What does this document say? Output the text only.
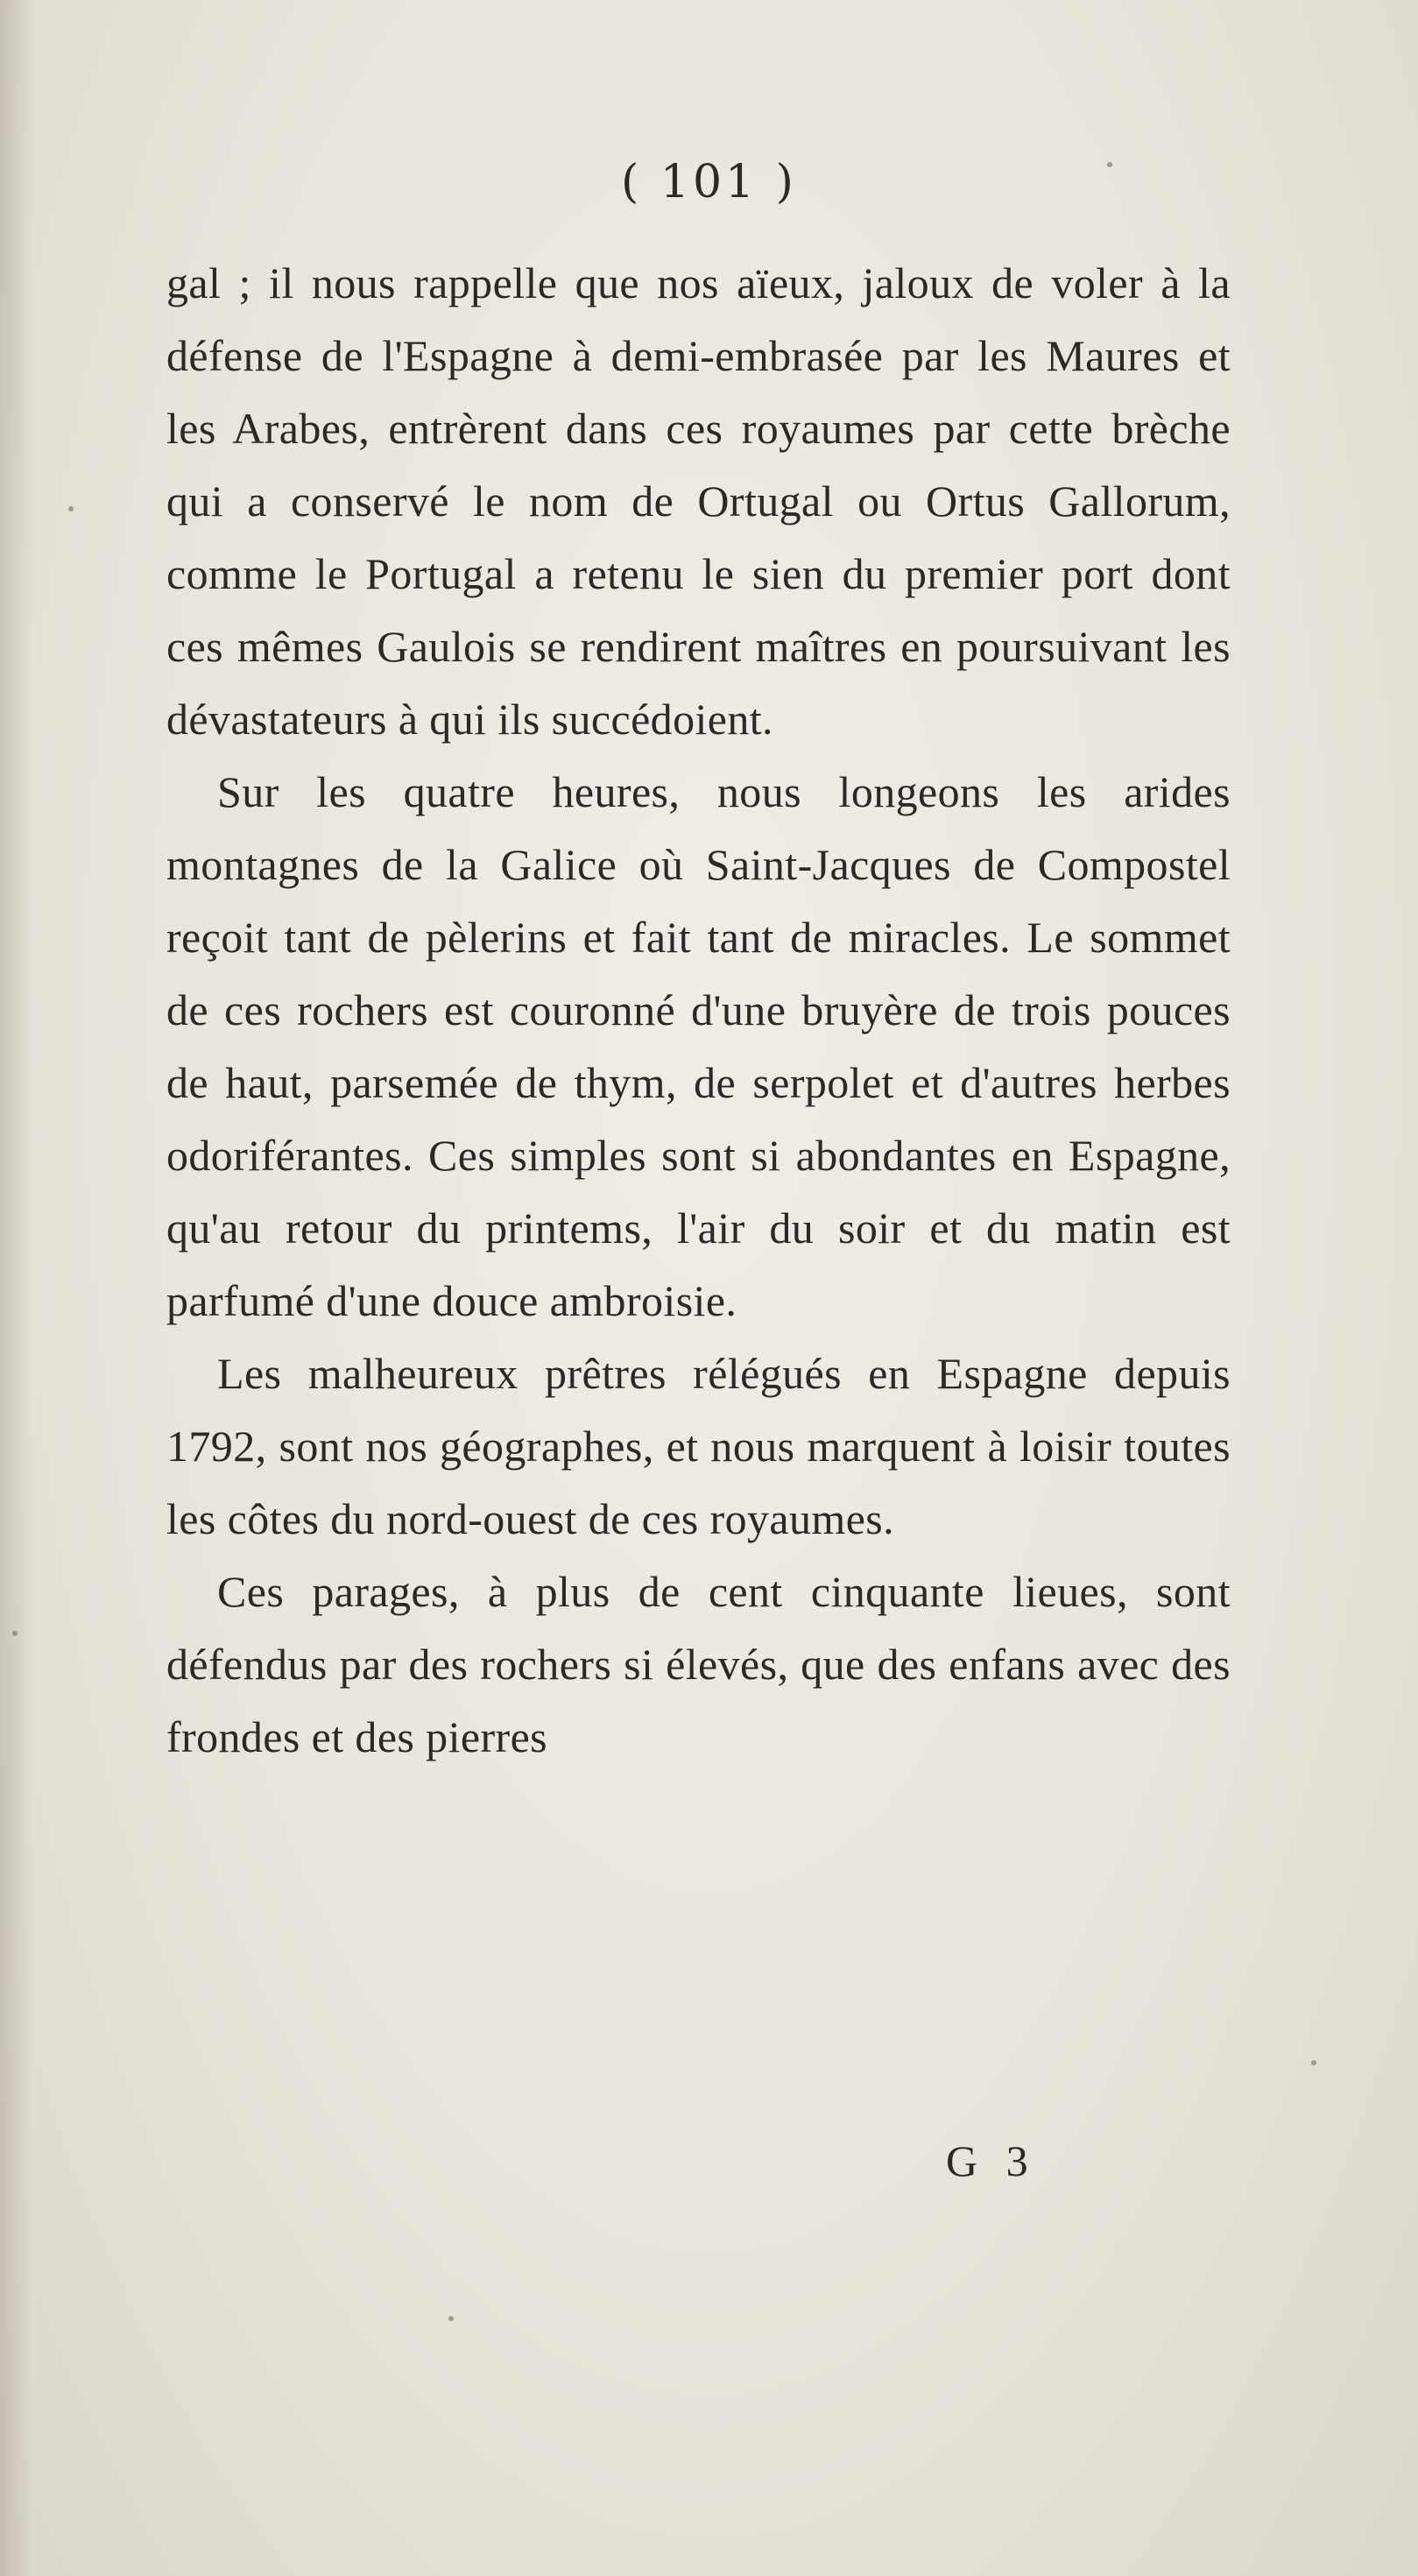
( 101 )

gal ; il nous rappelle que nos aïeux, jaloux de voler à la défense de l'Espagne à demi-embrasée par les Maures et les Arabes, entrèrent dans ces royaumes par cette brèche qui a conservé le nom de Ortugal ou Ortus Gallorum, comme le Portugal a retenu le sien du premier port dont ces mêmes Gaulois se rendirent maîtres en poursuivant les dévastateurs à qui ils succédoient.

Sur les quatre heures, nous longeons les arides montagnes de la Galice où Saint-Jacques de Compostel reçoit tant de pèlerins et fait tant de miracles. Le sommet de ces rochers est couronné d'une bruyère de trois pouces de haut, parsemée de thym, de serpolet et d'autres herbes odoriférantes. Ces simples sont si abondantes en Espagne, qu'au retour du printems, l'air du soir et du matin est parfumé d'une douce ambroisie.

Les malheureux prêtres rélégués en Espagne depuis 1792, sont nos géographes, et nous marquent à loisir toutes les côtes du nord-ouest de ces royaumes.

Ces parages, à plus de cent cinquante lieues, sont défendus par des rochers si élevés, que des enfans avec des frondes et des pierres

G 3
